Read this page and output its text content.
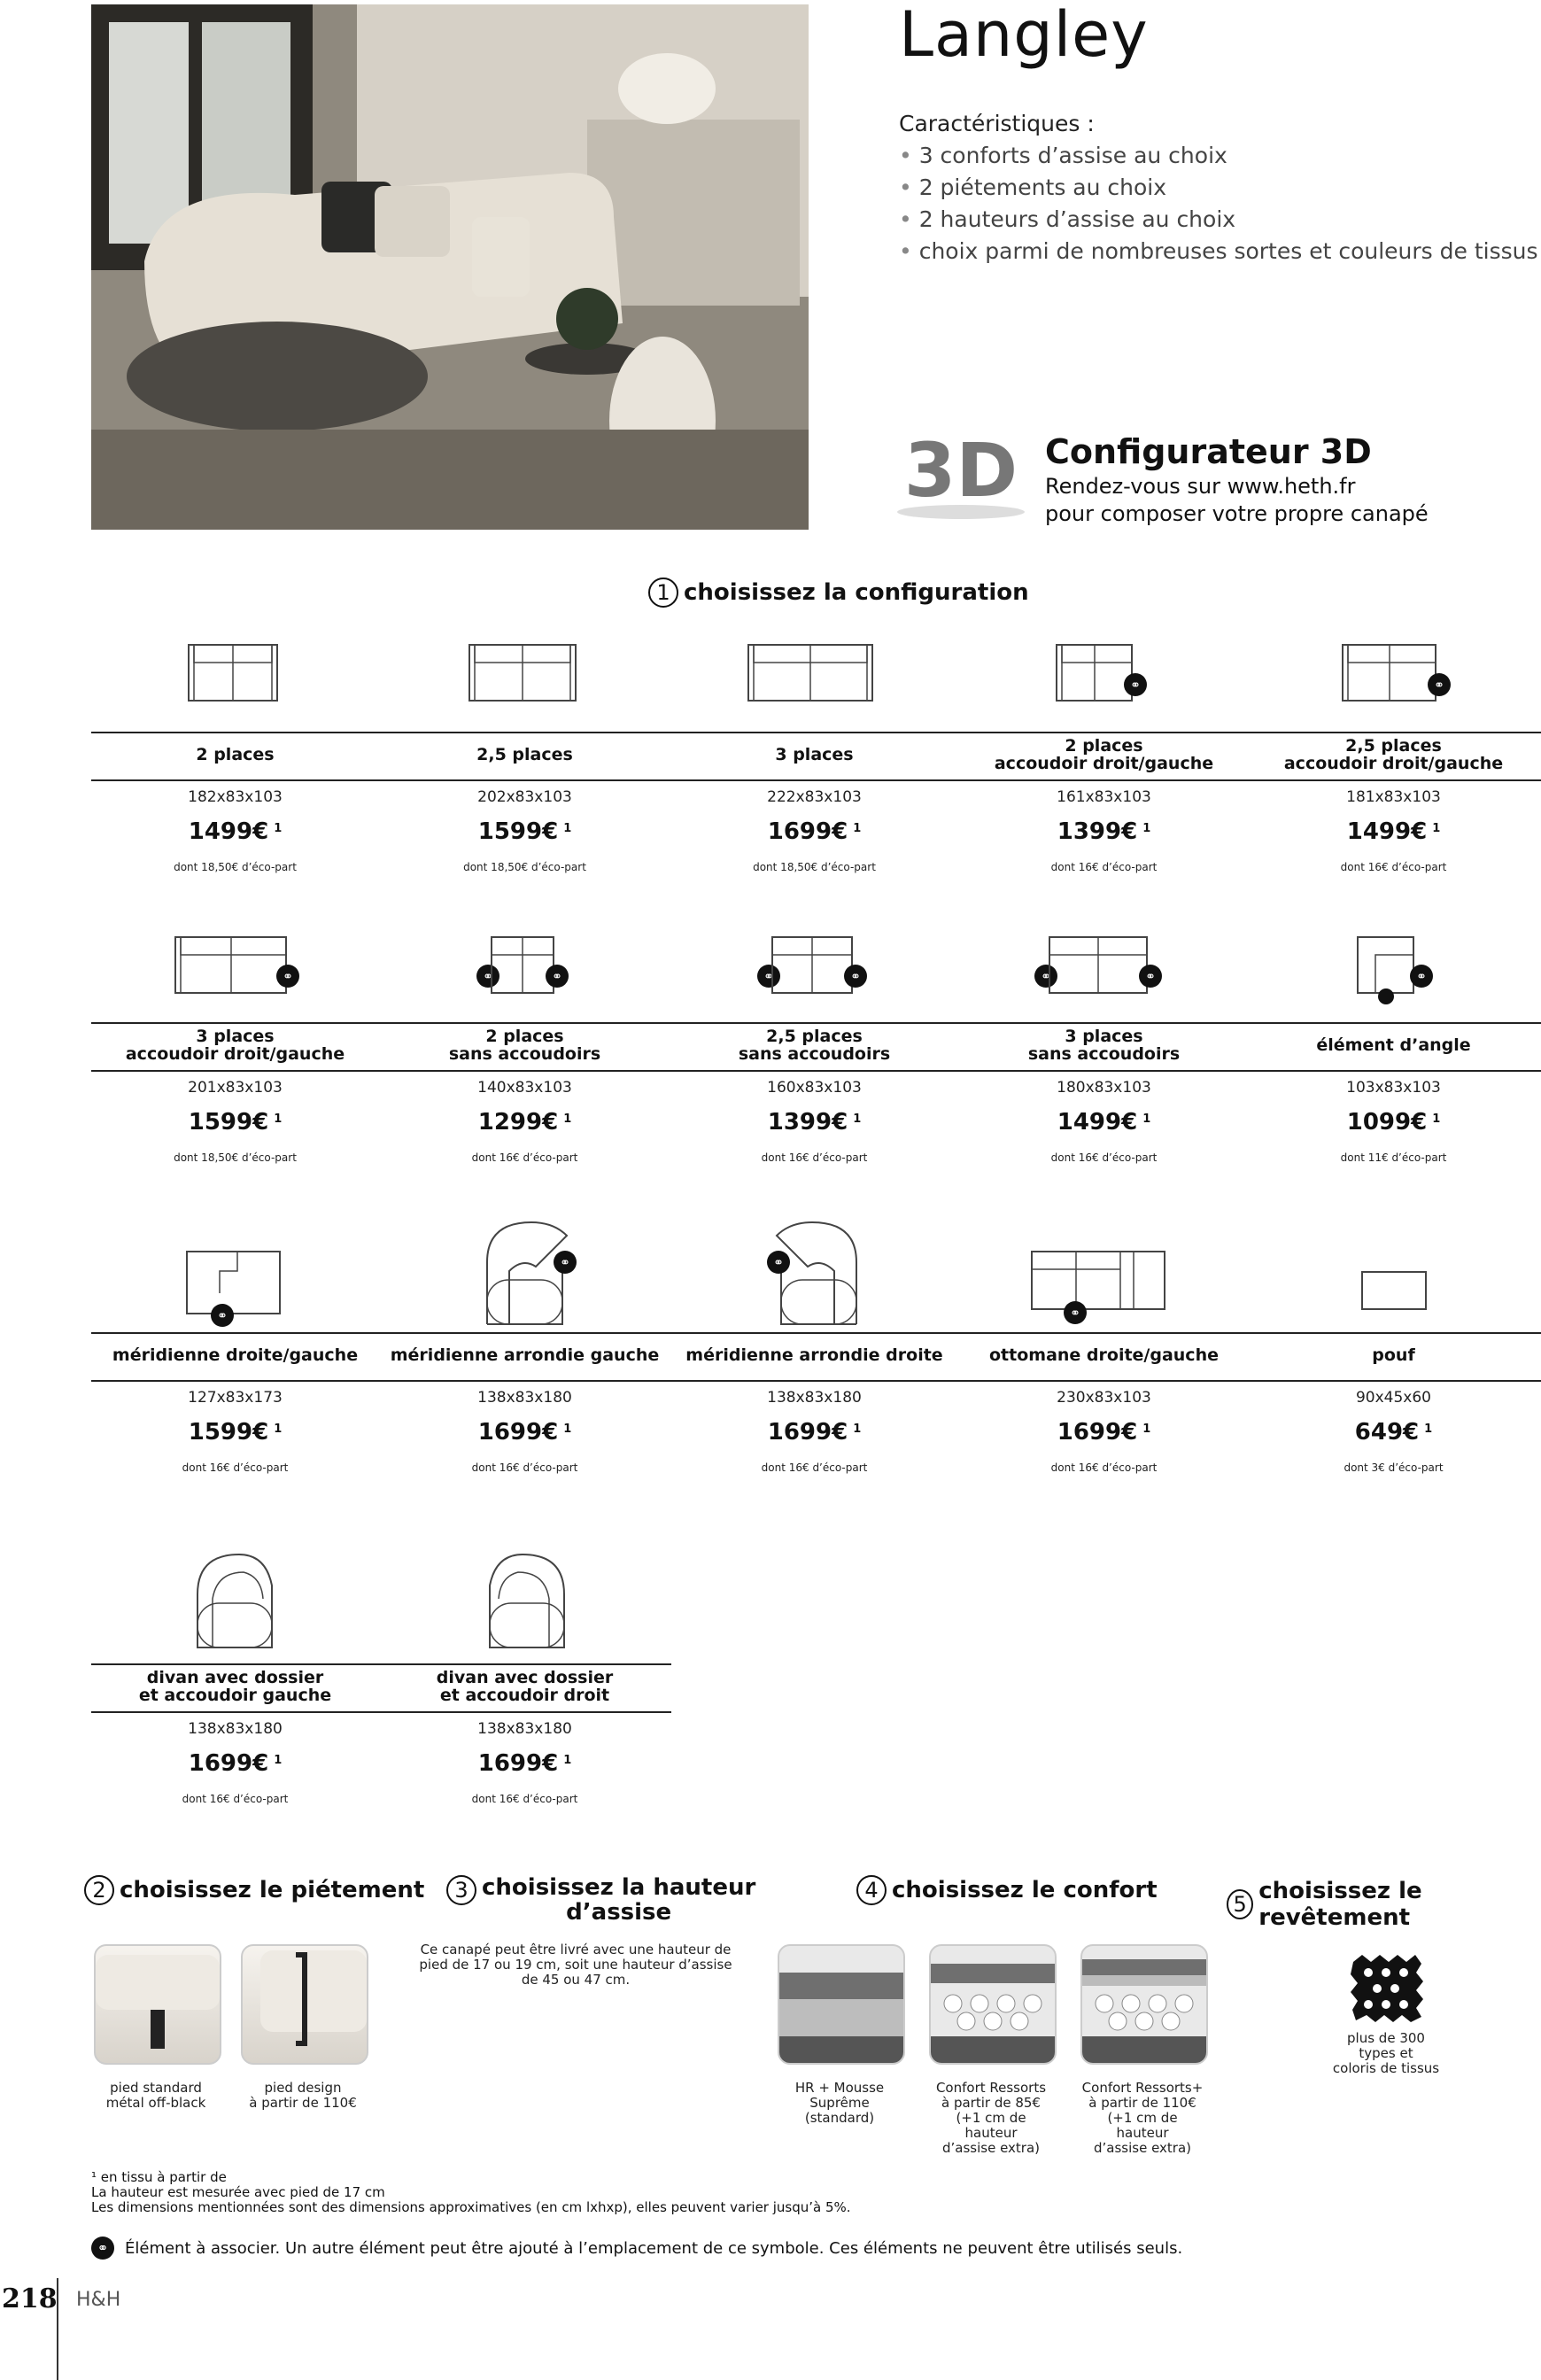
Langley
Caractéristiques :
• 3 conforts d’assise au choix
• 2 piétements au choix
• 2 hauteurs d’assise au choix
• choix parmi de nombreuses sortes et couleurs de tissus
3D Configurateur 3D
Rendez-vous sur www.heth.fr
pour composer votre propre canapé
1 choisissez la configuration
⚭	⚭
2 places
182x83x103
1499€ $^1$
dont 18,50€ d’éco-part
2,5 places
202x83x103
1599€ $^1$
dont 18,50€ d’éco-part
3 places
222x83x103
1699€ $^1$
dont 18,50€ d’éco-part
2 places
accoudoir droit/gauche
161x83x103
1399€ $^1$
dont 16€ d’éco-part
2,5 places
accoudoir droit/gauche
181x83x103
1499€ $^1$
dont 16€ d’éco-part
⚭	⚭	⚭	⚭	⚭	⚭	⚭	⚭
3 places
accoudoir droit/gauche
201x83x103
1599€ $^1$
dont 18,50€ d’éco-part
2 places
sans accoudoirs
140x83x103
1299€ $^1$
dont 16€ d’éco-part
2,5 places
sans accoudoirs
160x83x103
1399€ $^1$
dont 16€ d’éco-part
3 places
sans accoudoirs
180x83x103
1499€ $^1$
dont 16€ d’éco-part
élément d’angle
103x83x103
1099€ $^1$
dont 11€ d’éco-part
⚭
⚭	⚭
⚭
méridienne droite/gauche
127x83x173
1599€ $^1$
dont 16€ d’éco-part
méridienne arrondie gauche
138x83x180
1699€ $^1$
dont 16€ d’éco-part
méridienne arrondie droite
138x83x180
1699€ $^1$
dont 16€ d’éco-part
ottomane droite/gauche
230x83x103
1699€ $^1$
dont 16€ d’éco-part
pouf
90x45x60
649€ $^1$
dont 3€ d’éco-part
divan avec dossier
et accoudoir gauche
138x83x180
1699€ $^1$
dont 16€ d’éco-part
divan avec dossier
et accoudoir droit
138x83x180
1699€ $^1$
dont 16€ d’éco-part
2 choisissez le piétement
pied standard
métal off-black
pied design
à partir de 110€
3 choisissez la hauteur
d’assise
Ce canapé peut être livré avec une hauteur de
pied de 17 ou 19 cm, soit une hauteur d’assise
de 45 ou 47 cm.
4 choisissez le confort
HR + Mousse
Suprême
(standard)
Confort Ressorts
à partir de 85€
(+1 cm de hauteur
d’assise extra)
Confort Ressorts+
à partir de 110€
(+1 cm de hauteur
d’assise extra)
5 choisissez le revêtement
plus de 300
types et
coloris de tissus
¹ en tissu à partir de
La hauteur est mesurée avec pied de 17 cm
Les dimensions mentionnées sont des dimensions approximatives (en cm lxhxp), elles peuvent varier jusqu’à 5%.
⚭	Élément à associer. Un autre élément peut être ajouté à l’emplacement de ce symbole. Ces éléments ne peuvent être utilisés seuls.
218 H&H
